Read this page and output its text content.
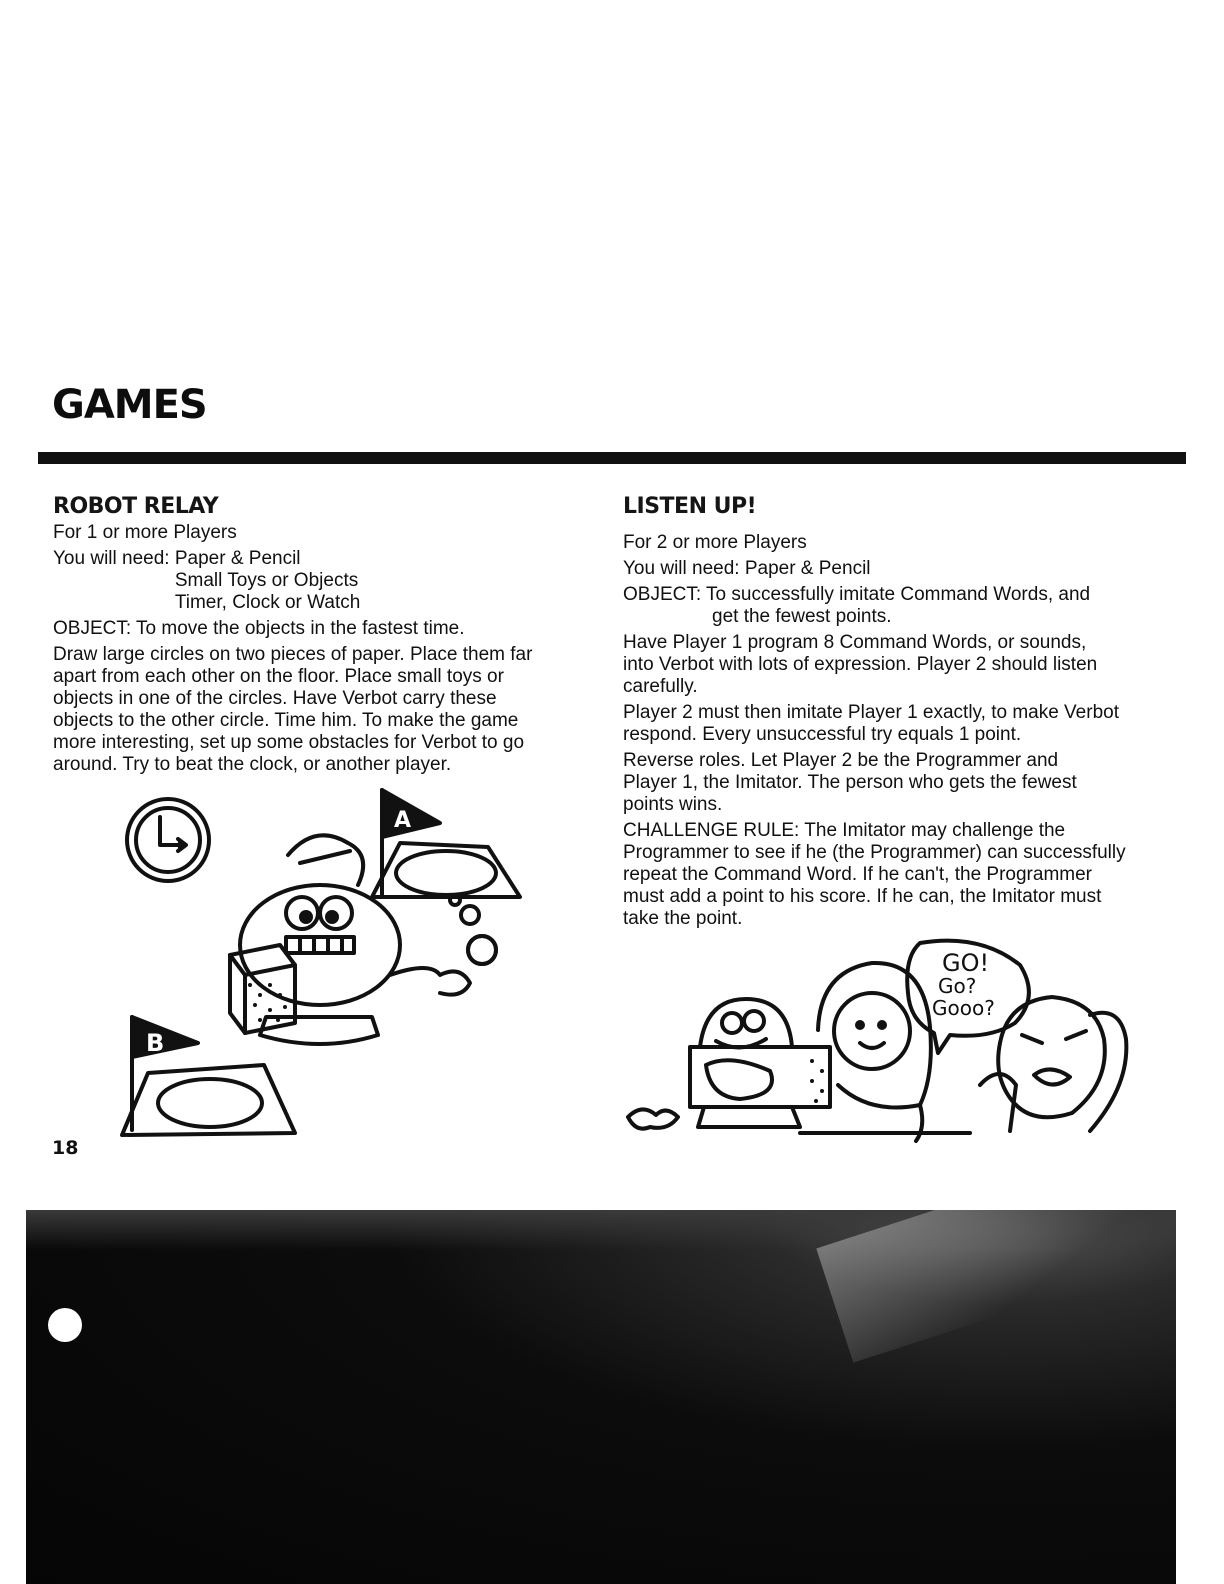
GAMES
ROBOT RELAY

For 1 or more Players

You will need: Paper & Pencil
Small Toys or Objects
Timer, Clock or Watch

OBJECT: To move the objects in the fastest time.

Draw large circles on two pieces of paper. Place them far

apart from each other on the floor. Place small toys or

objects in one of the circles. Have Verbot carry these

objects to the other circle. Time him. To make the game

more interesting, set up some obstacles for Verbot to go

around. Try to beat the clock, or another player.

A
B
18
LISTEN UP!

For 2 or more Players

You will need: Paper & Pencil

OBJECT: To successfully imitate Command Words, and

get the fewest points.

Have Player 1 program 8 Command Words, or sounds,

into Verbot with lots of expression. Player 2 should listen

carefully.

Player 2 must then imitate Player 1 exactly, to make Verbot

respond. Every unsuccessful try equals 1 point.

Reverse roles. Let Player 2 be the Programmer and

Player 1, the Imitator. The person who gets the fewest

points wins.

CHALLENGE RULE: The Imitator may challenge the

Programmer to see if he (the Programmer) can successfully

repeat the Command Word. If he can't, the Programmer

must add a point to his score. If he can, the Imitator must

take the point.

GO!
Go?
Gooo?
